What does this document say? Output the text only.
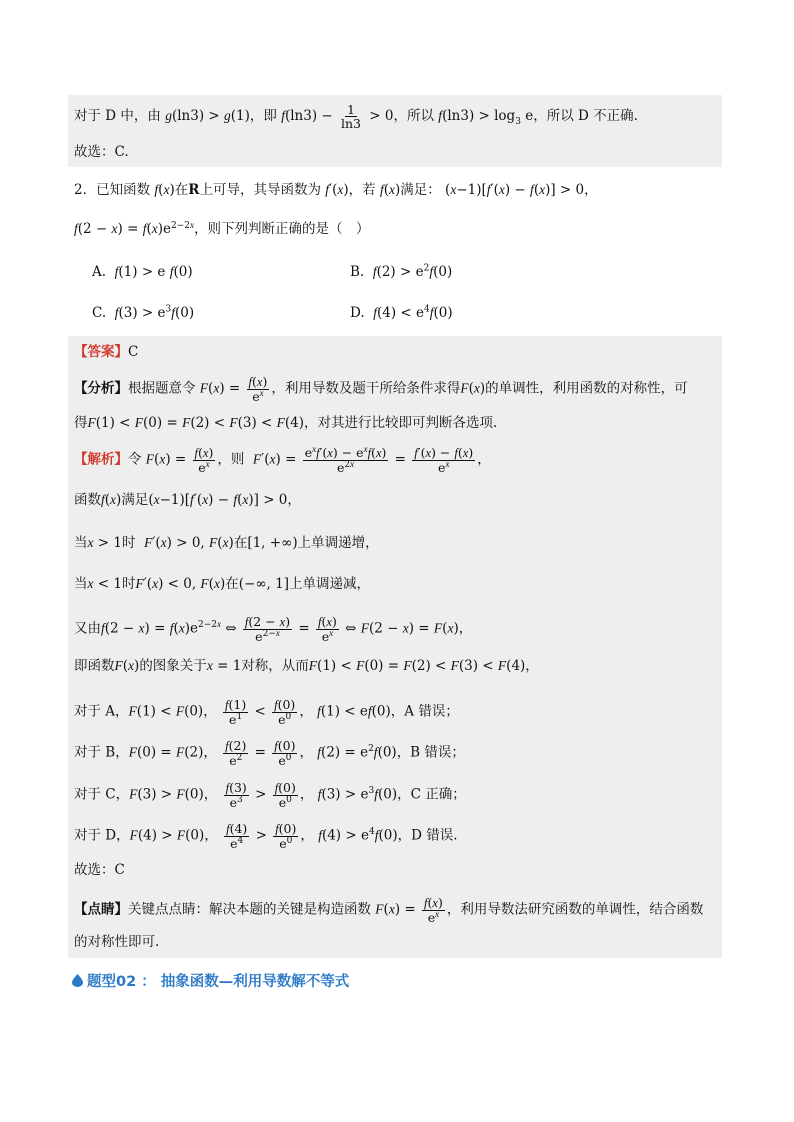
对于 D 中，由 g(ln3) > g(1)，即 $f(\ln 3) - \frac{1}{\ln 3} > 0$，所以 $f(\ln 3) > \log_3 e$，所以 D 不正确.
故选：C.
2．已知函数 f(x)在R上可导，其导函数为 f′(x)，若 f(x)满足： (x−1)[f′(x) − f(x)] > 0，
$f(2 - x) = f(x)e^{2-2x}$，则下列判断正确的是（　）
A. f(1) > e f(0)	B. $f(2) > e^2f(0)$
C. $f(3) > e^3f(0)$	D. $f(4) < e^4f(0)$
【答案】C
【分析】根据题意令 $F(x) = \frac{f(x)}{e^x}$ ，利用导数及题干所给条件求得F(x)的单调性，利用函数的对称性，可
得F(1) < F(0) = F(2) < F(3) < F(4)，对其进行比较即可判断各选项.
【解析】令 $F(x) = \frac{f(x)}{e^x}$ ，则 $F'(x) = \frac{e^xf'(x) - e^xf(x)}{e^{2x}} = \frac{f'(x) - f(x)}{e^x}$ ，
函数f(x)满足(x−1)[f′(x) − f(x)] > 0，
当x > 1时 F′(x) > 0, F(x)在[1, +∞)上单调递增，
当x < 1时F′(x) < 0, F(x)在(−∞, 1]上单调递减，
又由$f(2 - x) = f(x)e^{2-2x}$ ⇔ $\frac{f(2 - x)}{e^{2-x}} = \frac{f(x)}{e^x}$ ⇔ F(2 − x) = F(x)，
即函数F(x)的图象关于x = 1对称，从而F(1) < F(0) = F(2) < F(3) < F(4)，
对于 A，F(1) < F(0)， $\frac{f(1)}{e^1} < \frac{f(0)}{e^0}$ ， f(1) < ef(0)，A 错误；
对于 B，F(0) = F(2)， $\frac{f(2)}{e^2} = \frac{f(0)}{e^0}$ ， $f(2) = e^2f(0)$，B 错误；
对于 C，F(3) > F(0)， $\frac{f(3)}{e^3} > \frac{f(0)}{e^0}$ ， $f(3) > e^3f(0)$，C 正确；
对于 D，F(4) > F(0)， $\frac{f(4)}{e^4} > \frac{f(0)}{e^0}$ ， $f(4) > e^4f(0)$，D 错误.
故选：C
【点睛】关键点点睛：解决本题的关键是构造函数 $F(x) = \frac{f(x)}{e^x}$ ，利用导数法研究函数的单调性，结合函数
的对称性即可.
题型02 ： 抽象函数—利用导数解不等式
